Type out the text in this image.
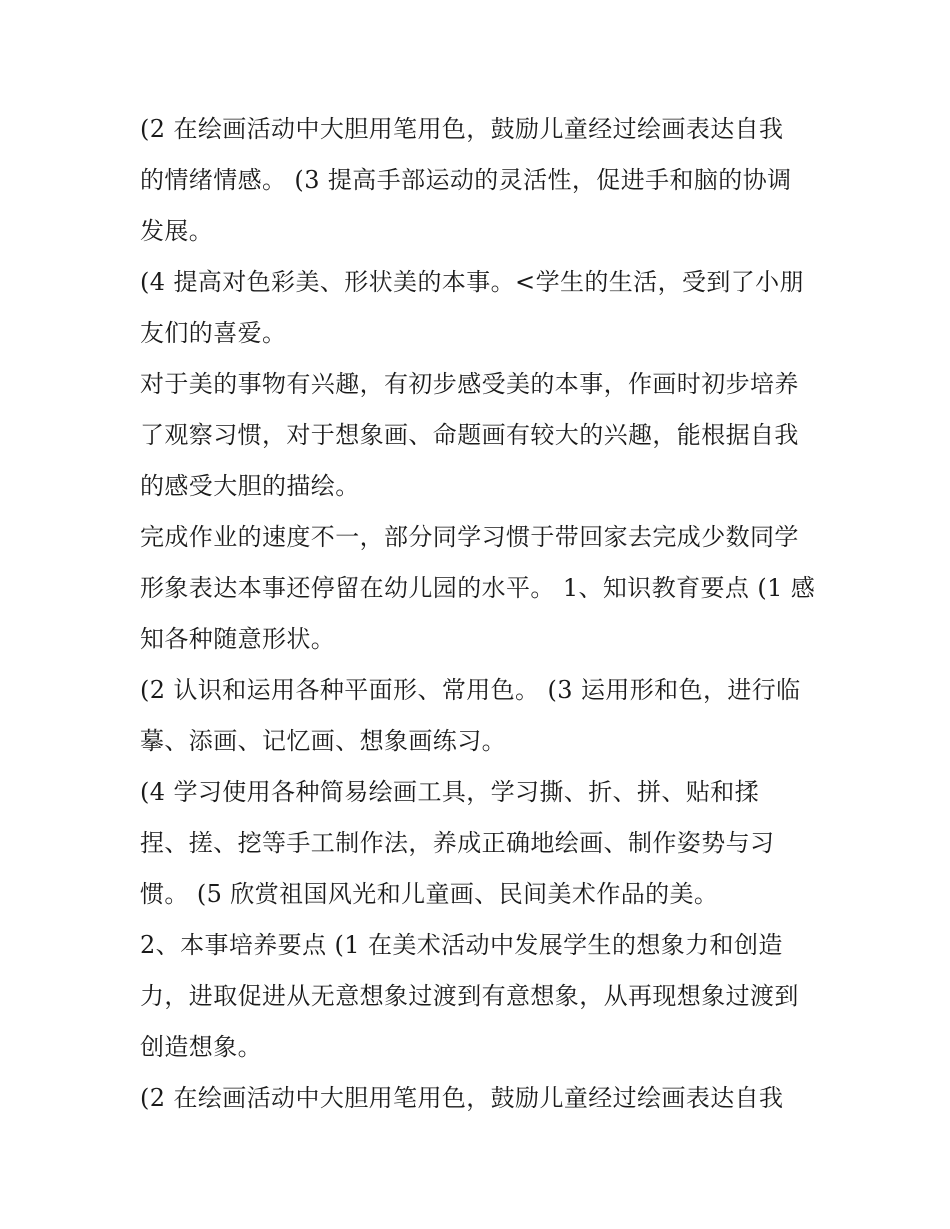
(2 在绘画活动中大胆用笔用色，鼓励儿童经过绘画表达自我
的情绪情感。 (3 提高手部运动的灵活性，促进手和脑的协调
发展。
(4 提高对色彩美、形状美的本事。<学生的生活，受到了小朋
友们的喜爱。
对于美的事物有兴趣，有初步感受美的本事，作画时初步培养
了观察习惯，对于想象画、命题画有较大的兴趣，能根据自我
的感受大胆的描绘。
完成作业的速度不一，部分同学习惯于带回家去完成少数同学
形象表达本事还停留在幼儿园的水平。 1、知识教育要点 (1 感
知各种随意形状。
(2 认识和运用各种平面形、常用色。 (3 运用形和色，进行临
摹、添画、记忆画、想象画练习。
(4 学习使用各种简易绘画工具，学习撕、折、拼、贴和揉
捏、搓、挖等手工制作法，养成正确地绘画、制作姿势与习
惯。 (5 欣赏祖国风光和儿童画、民间美术作品的美。
2、本事培养要点 (1 在美术活动中发展学生的想象力和创造
力，进取促进从无意想象过渡到有意想象，从再现想象过渡到
创造想象。
(2 在绘画活动中大胆用笔用色，鼓励儿童经过绘画表达自我
